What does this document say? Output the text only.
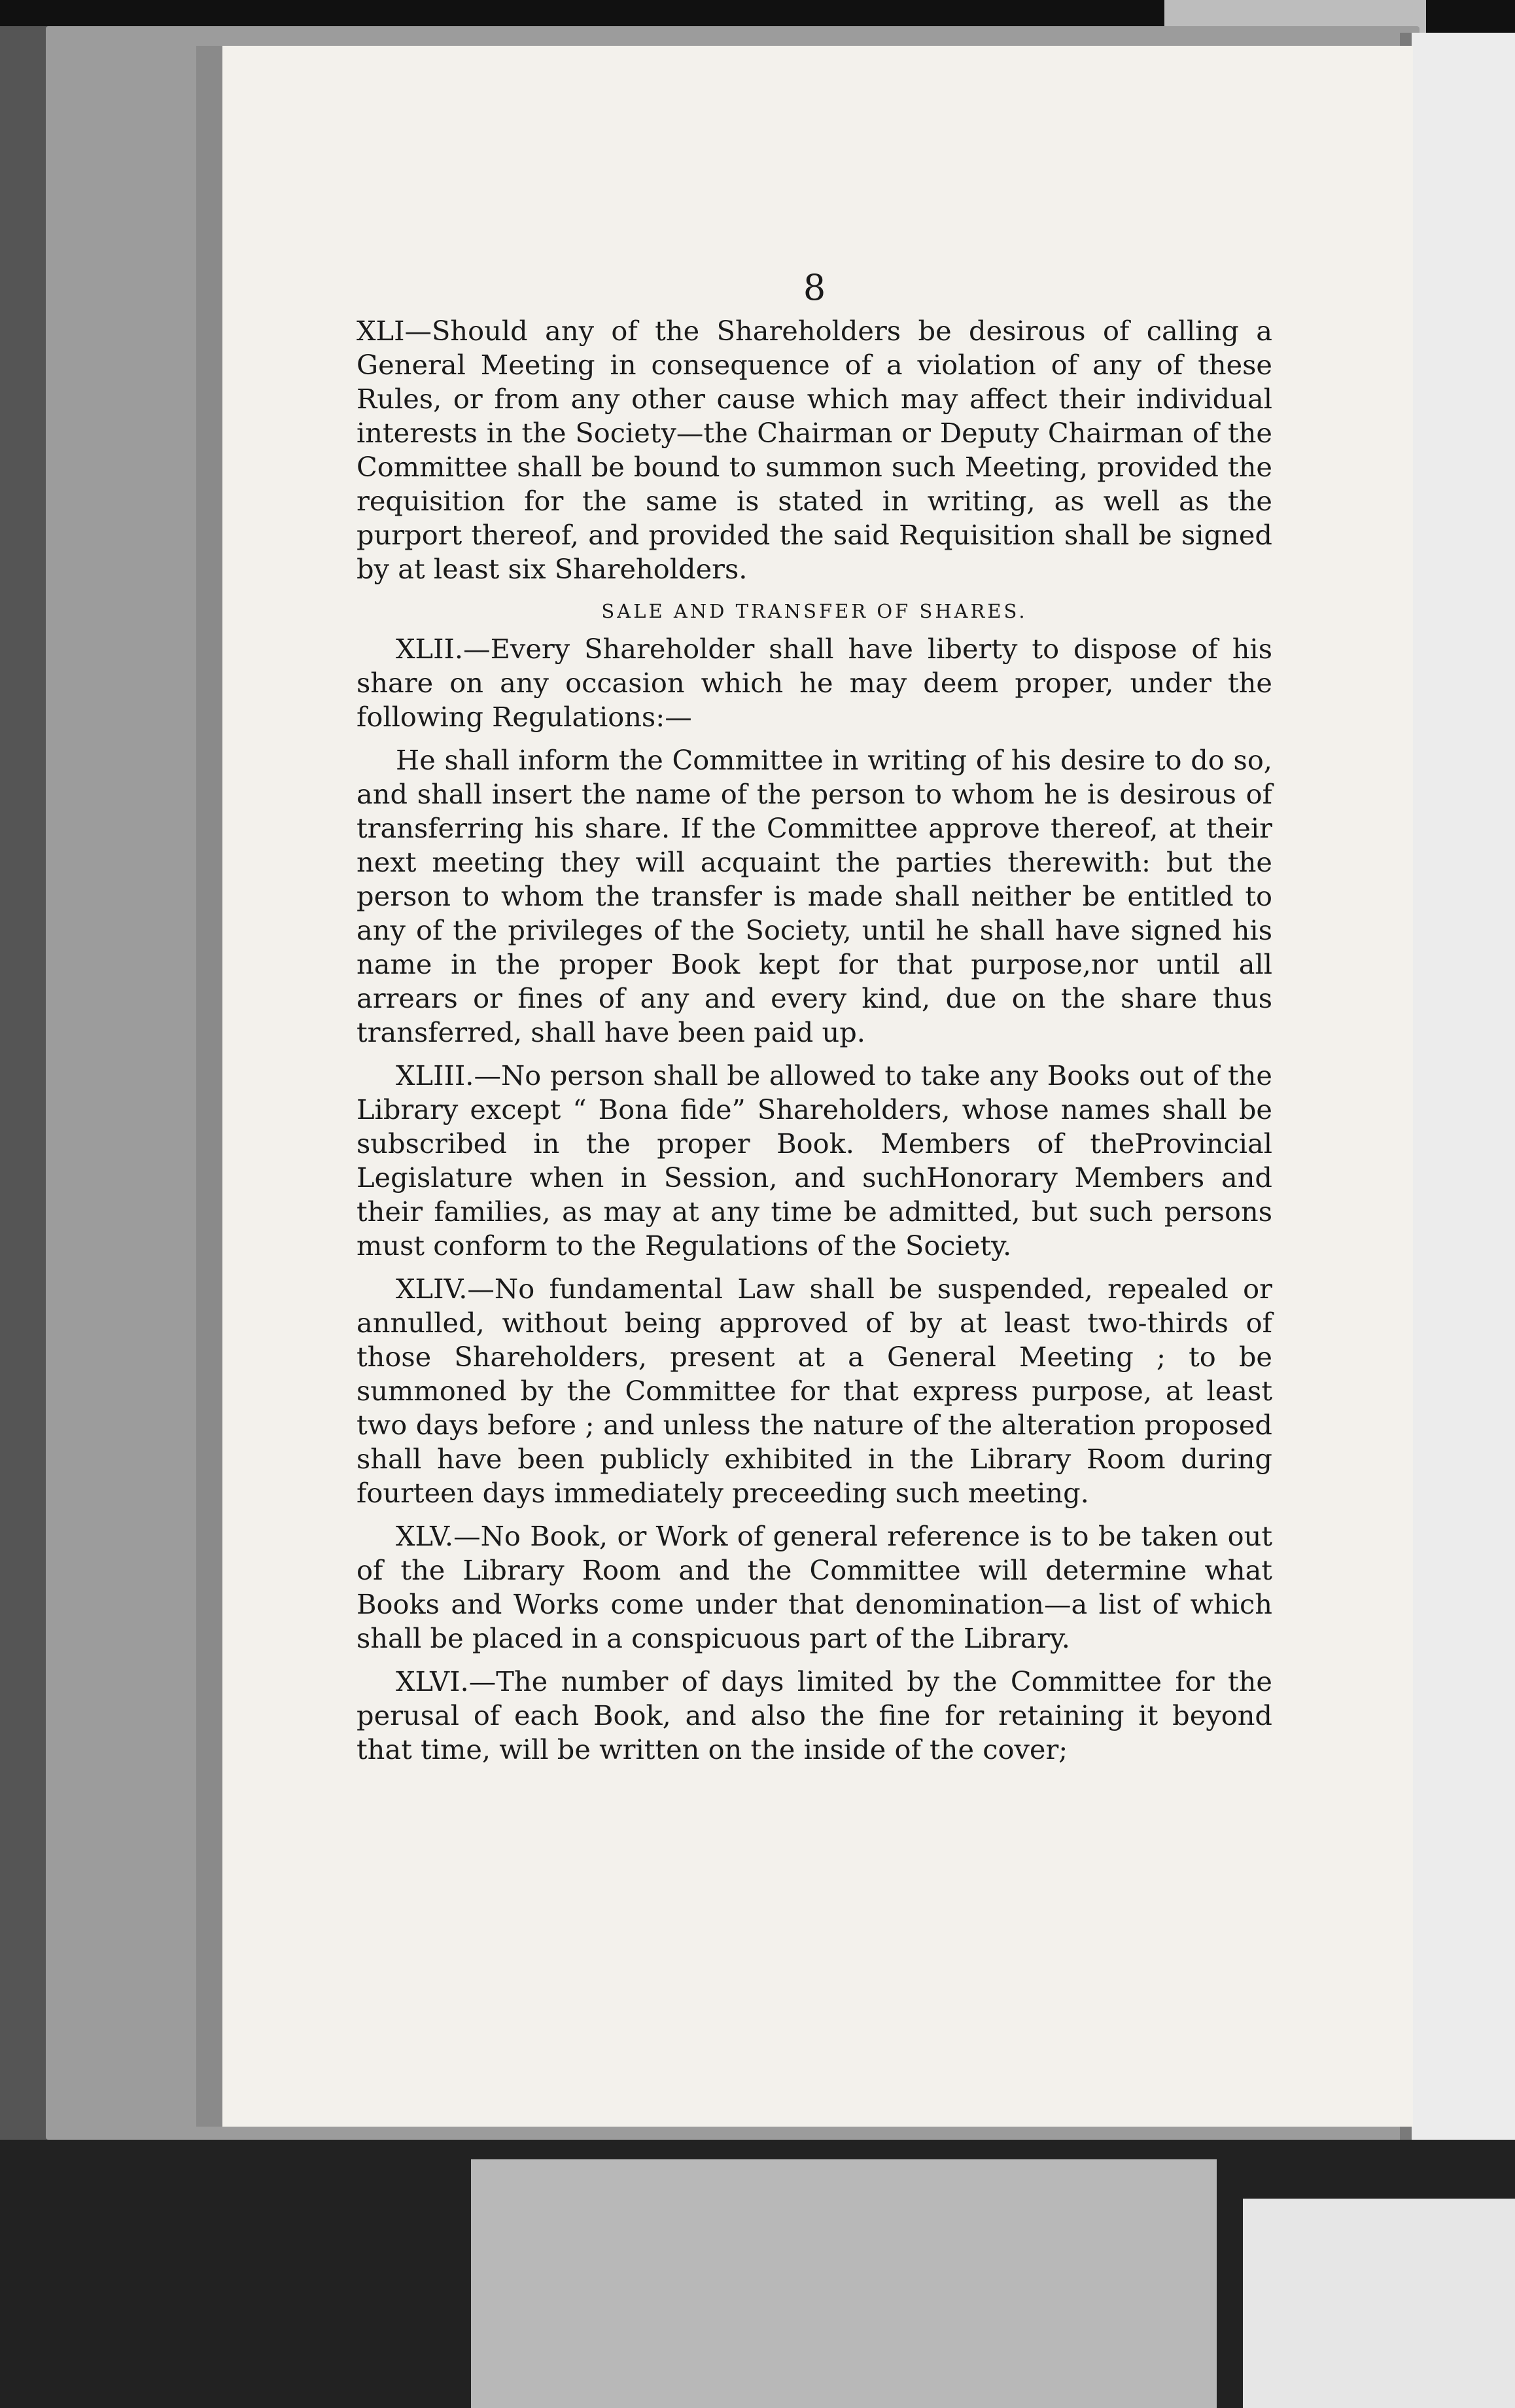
8

XLI—Should any of the Shareholders be desirous of calling a General Meeting in consequence of a violation of any of these Rules, or from any other cause which may affect their individual interests in the Society—the Chairman or Deputy Chairman of the Committee shall be bound to summon such Meeting, provided the requisition for the same is stated in writing, as well as the purport thereof, and provided the said Requisition shall be signed by at least six Shareholders.

SALE AND TRANSFER OF SHARES.

XLII.—Every Shareholder shall have liberty to dispose of his share on any occasion which he may deem proper, under the following Regulations:—

He shall inform the Committee in writing of his desire to do so, and shall insert the name of the person to whom he is desirous of transferring his share. If the Committee approve thereof, at their next meeting they will acquaint the parties therewith: but the person to whom the transfer is made shall neither be entitled to any of the privileges of the Society, until he shall have signed his name in the proper Book kept for that purpose,nor until all arrears or fines of any and every kind, due on the share thus transferred, shall have been paid up.

XLIII.—No person shall be allowed to take any Books out of the Library except “ Bona fide” Shareholders, whose names shall be subscribed in the proper Book. Members of theProvincial Legislature when in Session, and suchHonorary Members and their families, as may at any time be admitted, but such persons must conform to the Regulations of the Society.

XLIV.—No fundamental Law shall be suspended, repealed or annulled, without being approved of by at least two-thirds of those Shareholders, present at a General Meeting ; to be summoned by the Committee for that express purpose, at least two days before ; and unless the nature of the alteration proposed shall have been publicly exhibited in the Library Room during fourteen days immediately preceeding such meeting.

XLV.—No Book, or Work of general reference is to be taken out of the Library Room and the Committee will determine what Books and Works come under that denomination—a list of which shall be placed in a conspicuous part of the Library.

XLVI.—The number of days limited by the Committee for the perusal of each Book, and also the fine for retaining it beyond that time, will be written on the inside of the cover;
